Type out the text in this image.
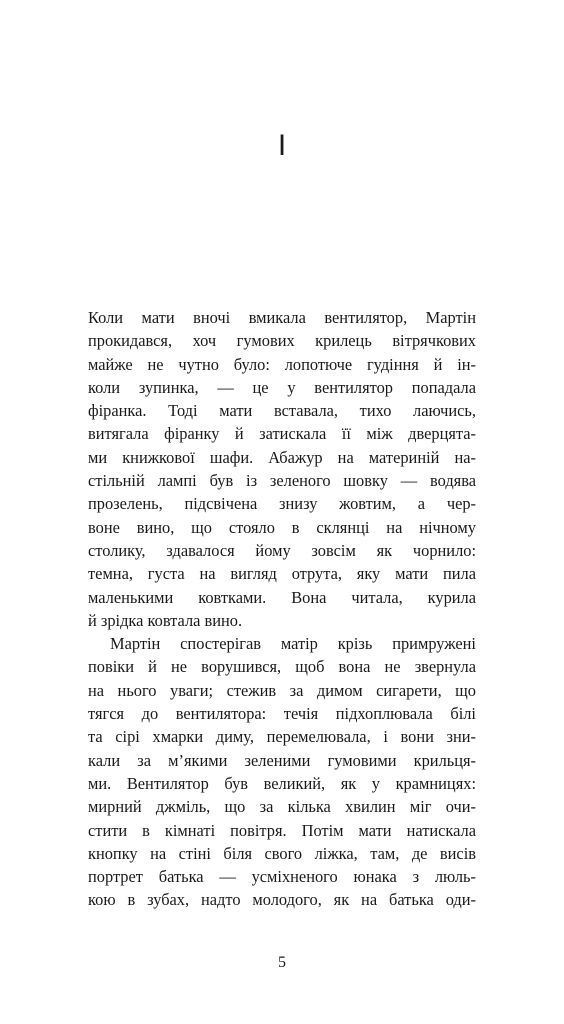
I

Коли мати вночі вмикала вентилятор, Мартін
прокидався, хоч гумових крилець вітрячкових
майже не чутно було: лопотюче гудіння й ін-
коли зупинка, — це у вентилятор попадала
фіранка. Тоді мати вставала, тихо лаючись,
витягала фіранку й затискала її між дверцята-
ми книжкової шафи. Абажур на материній на-
стільній лампі був із зеленого шовку — водява
прозелень, підсвічена знизу жовтим, а чер-
воне вино, що стояло в склянці на нічному
столику, здавалося йому зовсім як чорнило:
темна, густа на вигляд отрута, яку мати пила
маленькими ковтками. Вона читала, курила
й зрідка ковтала вино.

Мартін спостерігав матір крізь примружені
повіки й не ворушився, щоб вона не звернула
на нього уваги; стежив за димом сигарети, що
тягся до вентилятора: течія підхоплювала білі
та сірі хмарки диму, перемелювала, і вони зни-
кали за м’якими зеленими гумовими крильця-
ми. Вентилятор був великий, як у крамницях:
мирний джміль, що за кілька хвилин міг очи-
стити в кімнаті повітря. Потім мати натискала
кнопку на стіні біля свого ліжка, там, де висів
портрет батька — усміхненого юнака з люль-
кою в зубах, надто молодого, як на батька оди-

5
